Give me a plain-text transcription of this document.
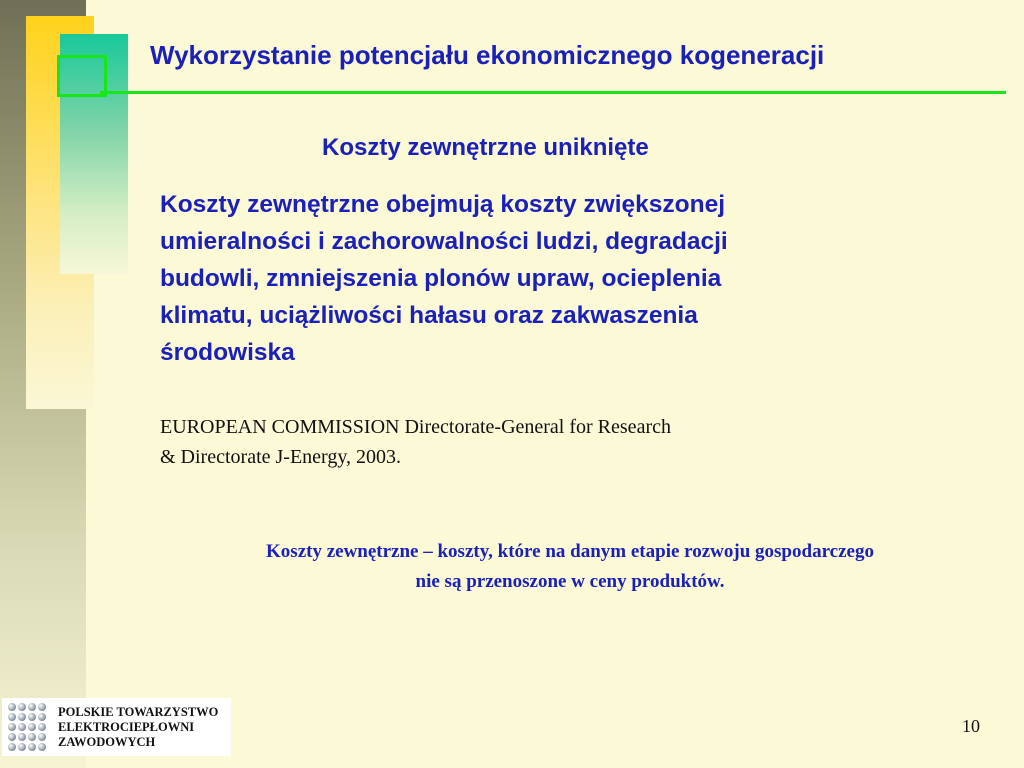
Wykorzystanie potencjału ekonomicznego kogeneracji
Koszty zewnętrzne uniknięte
Koszty zewnętrzne obejmują koszty zwiększonej
umieralności i zachorowalności ludzi, degradacji
budowli, zmniejszenia plonów upraw, ocieplenia
klimatu, uciążliwości hałasu oraz zakwaszenia
środowiska
EUROPEAN COMMISSION Directorate-General for Research
& Directorate J-Energy, 2003.
Koszty zewnętrzne – koszty, które na danym etapie rozwoju gospodarczego
nie są przenoszone w ceny produktów.
POLSKIE TOWARZYSTWO
ELEKTROCIEPŁOWNI
ZAWODOWYCH
10
